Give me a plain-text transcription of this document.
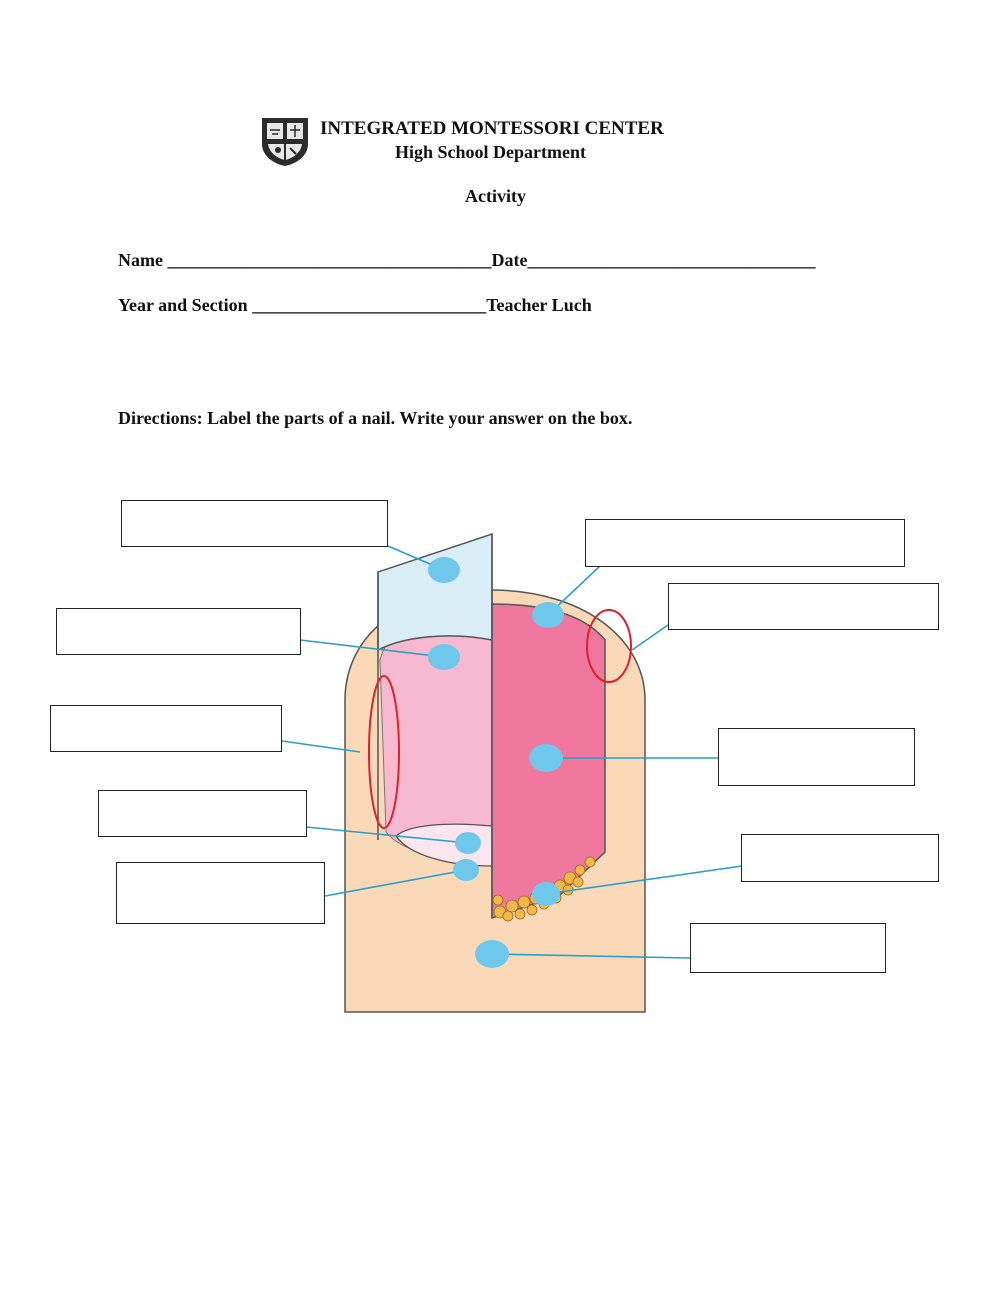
INTEGRATED MONTESSORI CENTER
High School Department
Activity
Name ____________________________________Date________________________________
Year and Section __________________________Teacher Luch
Directions: Label the parts of a nail. Write your answer on the box.
